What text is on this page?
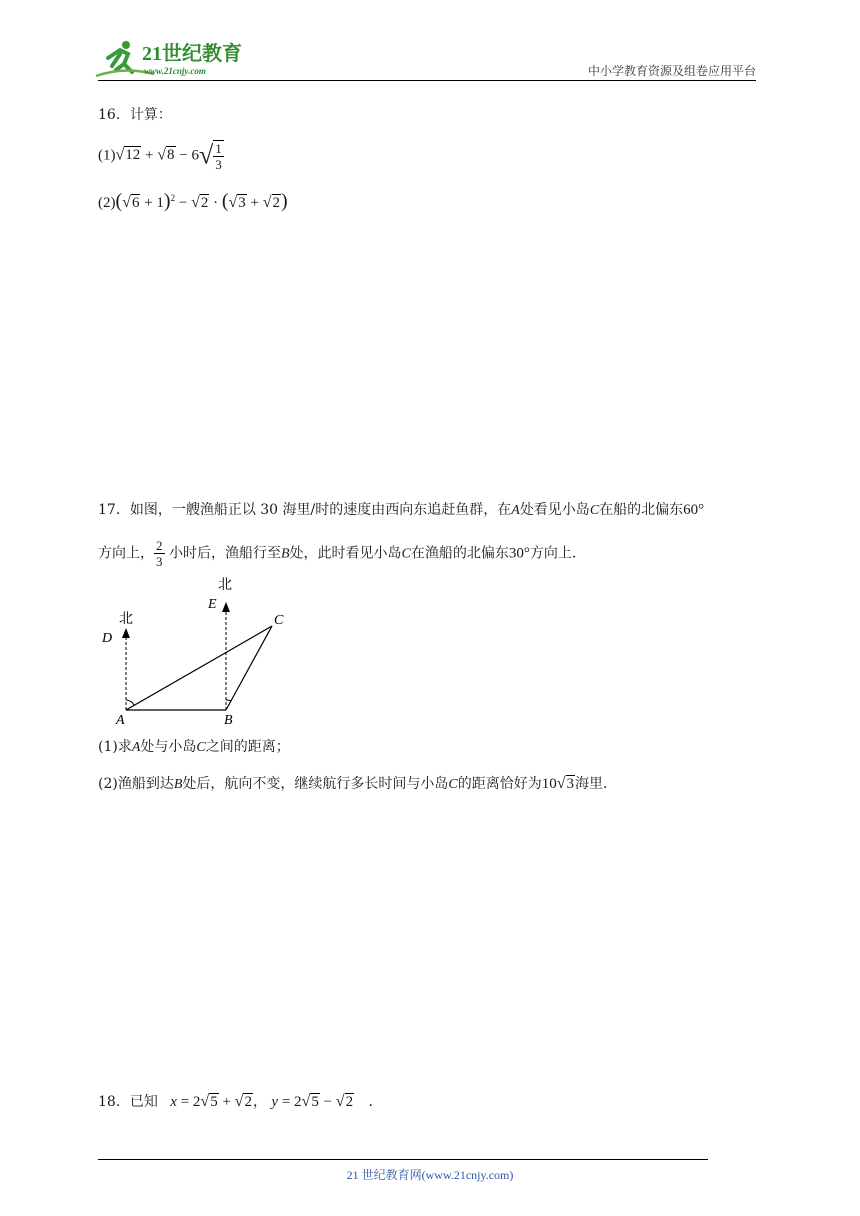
21世纪教育
www.21cnjy.com	中小学教育资源及组卷应用平台
16．计算：
$(1)√12 + √8 - 6√ \frac{1}{3}$
$(2)(√6 + 1)^2 - √2 \cdot (√3 + √2)$
17．如图，一艘渔船正以 30 海里/时的速度由西向东追赶鱼群，在A处看见小岛C在船的北偏东60°
方向上， $\frac{2}{3}$ 小时后，渔船行至B处，此时看见小岛C在渔船的北偏东30°方向上．
北
D
北
E
A	B
C
(1)求A处与小岛C之间的距离；
(2)渔船到达B处后，航向不变，继续航行多长时间与小岛C的距离恰好为10√3海里．
18．已知 x = 2√5 + √2， y = 2√5 − √2 ．
21 世纪教育网(www.21cnjy.com)
